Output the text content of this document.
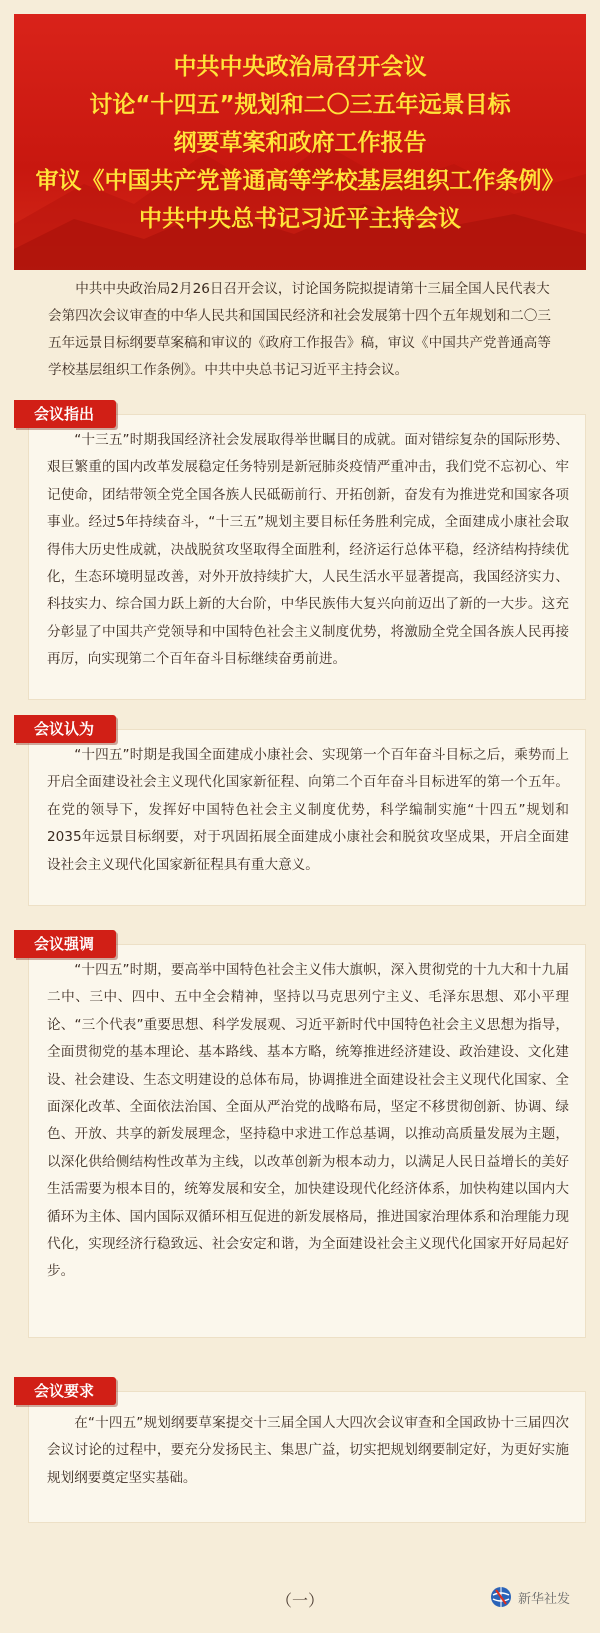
中共中央政治局召开会议
讨论“十四五”规划和二〇三五年远景目标
纲要草案和政府工作报告
审议《中国共产党普通高等学校基层组织工作条例》
中共中央总书记习近平主持会议

中共中央政治局2月26日召开会议，讨论国务院拟提请第十三届全国人民代表大会第四次会议审查的中华人民共和国国民经济和社会发展第十四个五年规划和二〇三五年远景目标纲要草案稿和审议的《政府工作报告》稿，审议《中国共产党普通高等学校基层组织工作条例》。中共中央总书记习近平主持会议。

“十三五”时期我国经济社会发展取得举世瞩目的成就。面对错综复杂的国际形势、艰巨繁重的国内改革发展稳定任务特别是新冠肺炎疫情严重冲击，我们党不忘初心、牢记使命，团结带领全党全国各族人民砥砺前行、开拓创新，奋发有为推进党和国家各项事业。经过5年持续奋斗，“十三五”规划主要目标任务胜利完成，全面建成小康社会取得伟大历史性成就，决战脱贫攻坚取得全面胜利，经济运行总体平稳，经济结构持续优化，生态环境明显改善，对外开放持续扩大，人民生活水平显著提高，我国经济实力、科技实力、综合国力跃上新的大台阶，中华民族伟大复兴向前迈出了新的一大步。这充分彰显了中国共产党领导和中国特色社会主义制度优势，将激励全党全国各族人民再接再厉，向实现第二个百年奋斗目标继续奋勇前进。

会议指出

“十四五”时期是我国全面建成小康社会、实现第一个百年奋斗目标之后，乘势而上开启全面建设社会主义现代化国家新征程、向第二个百年奋斗目标进军的第一个五年。在党的领导下，发挥好中国特色社会主义制度优势，科学编制实施“十四五”规划和2035年远景目标纲要，对于巩固拓展全面建成小康社会和脱贫攻坚成果，开启全面建设社会主义现代化国家新征程具有重大意义。

会议认为

“十四五”时期，要高举中国特色社会主义伟大旗帜，深入贯彻党的十九大和十九届二中、三中、四中、五中全会精神，坚持以马克思列宁主义、毛泽东思想、邓小平理论、“三个代表”重要思想、科学发展观、习近平新时代中国特色社会主义思想为指导，全面贯彻党的基本理论、基本路线、基本方略，统筹推进经济建设、政治建设、文化建设、社会建设、生态文明建设的总体布局，协调推进全面建设社会主义现代化国家、全面深化改革、全面依法治国、全面从严治党的战略布局，坚定不移贯彻创新、协调、绿色、开放、共享的新发展理念，坚持稳中求进工作总基调，以推动高质量发展为主题，以深化供给侧结构性改革为主线，以改革创新为根本动力，以满足人民日益增长的美好生活需要为根本目的，统筹发展和安全，加快建设现代化经济体系，加快构建以国内大循环为主体、国内国际双循环相互促进的新发展格局，推进国家治理体系和治理能力现代化，实现经济行稳致远、社会安定和谐，为全面建设社会主义现代化国家开好局起好步。

会议强调

在“十四五”规划纲要草案提交十三届全国人大四次会议审查和全国政协十三届四次会议讨论的过程中，要充分发扬民主、集思广益，切实把规划纲要制定好，为更好实施规划纲要奠定坚实基础。

会议要求
（一）	新华社发
